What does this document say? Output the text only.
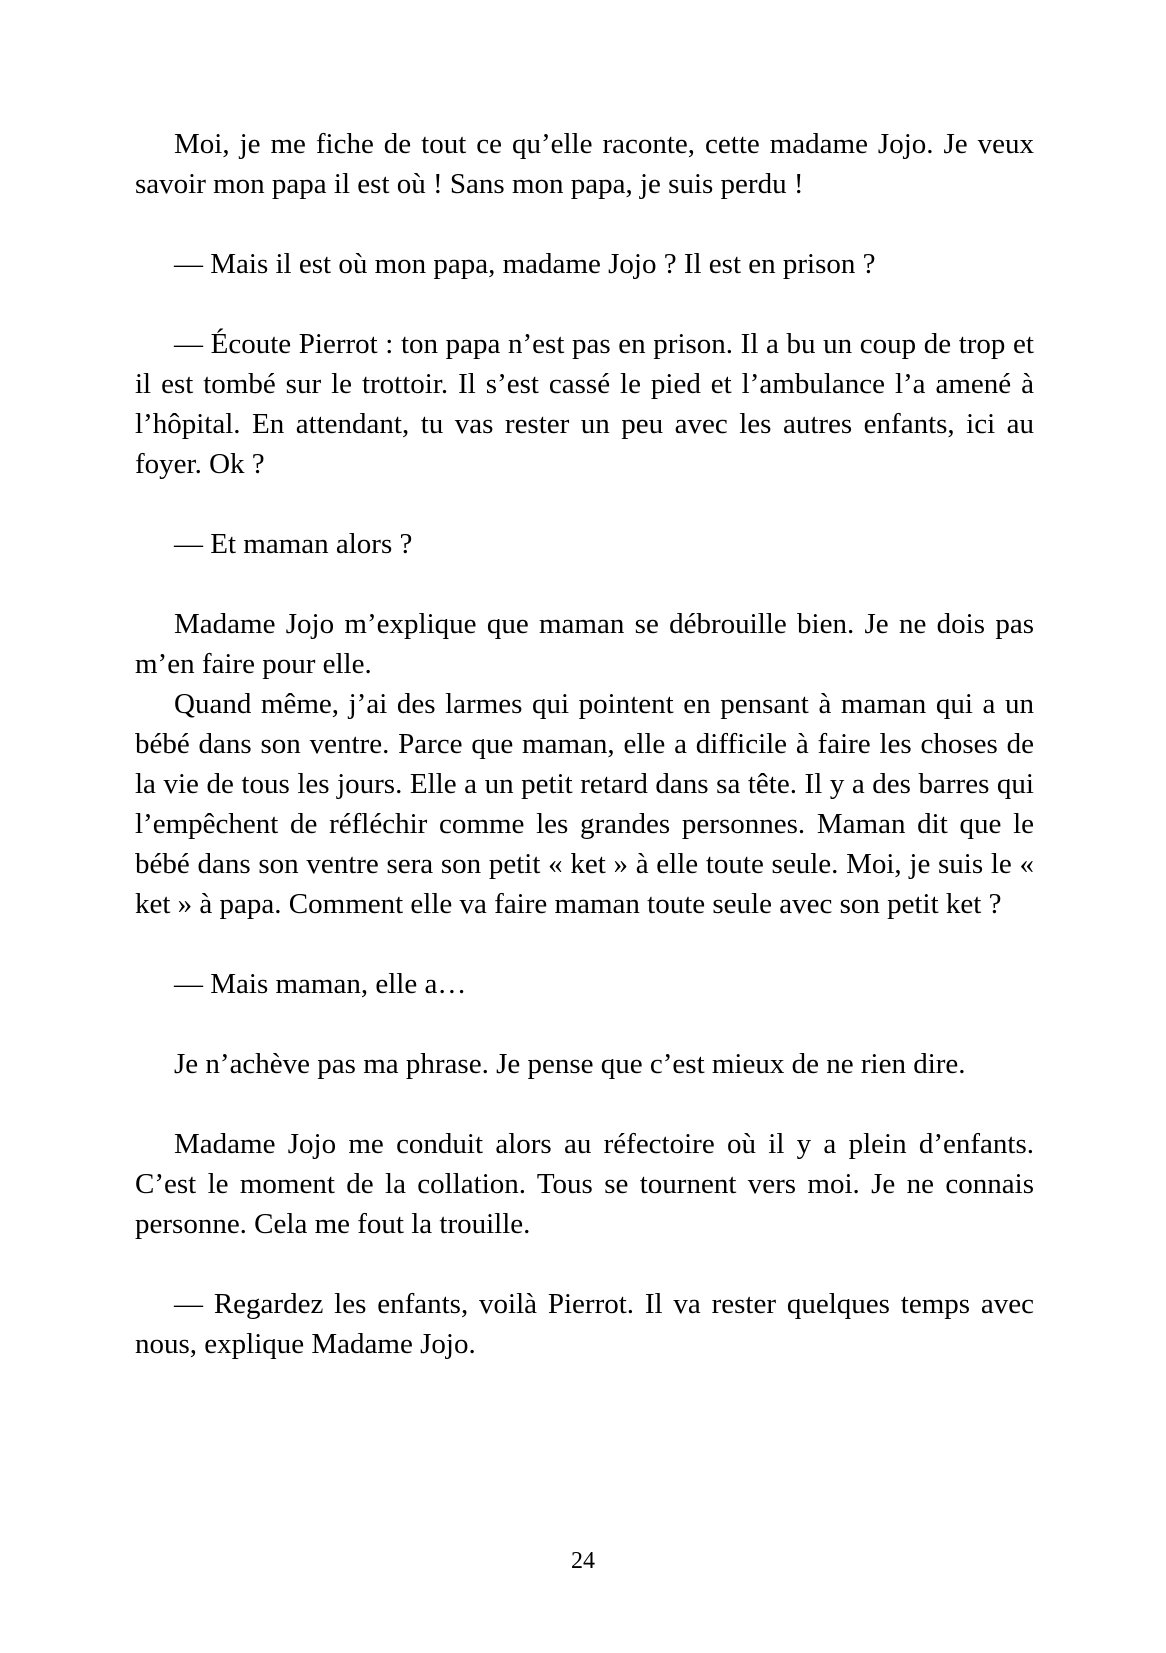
Moi, je me fiche de tout ce qu’elle raconte, cette madame Jojo. Je veux savoir mon papa il est où ! Sans mon papa, je suis perdu !

— Mais il est où mon papa, madame Jojo ? Il est en prison ?

— Écoute Pierrot : ton papa n’est pas en prison. Il a bu un coup de trop et il est tombé sur le trottoir. Il s’est cassé le pied et l’ambulance l’a amené à l’hôpital. En attendant, tu vas rester un peu avec les autres enfants, ici au foyer. Ok ?

— Et maman alors ?

Madame Jojo m’explique que maman se débrouille bien. Je ne dois pas m’en faire pour elle.

Quand même, j’ai des larmes qui pointent en pensant à maman qui a un bébé dans son ventre. Parce que maman, elle a difficile à faire les choses de la vie de tous les jours. Elle a un petit retard dans sa tête. Il y a des barres qui l’empêchent de réfléchir comme les grandes personnes. Maman dit que le bébé dans son ventre sera son petit « ket » à elle toute seule. Moi, je suis le « ket » à papa. Comment elle va faire maman toute seule avec son petit ket ?

— Mais maman, elle a…

Je n’achève pas ma phrase. Je pense que c’est mieux de ne rien dire.

Madame Jojo me conduit alors au réfectoire où il y a plein d’enfants. C’est le moment de la collation. Tous se tournent vers moi. Je ne connais personne. Cela me fout la trouille.

— Regardez les enfants, voilà Pierrot. Il va rester quelques temps avec nous, explique Madame Jojo.

24
